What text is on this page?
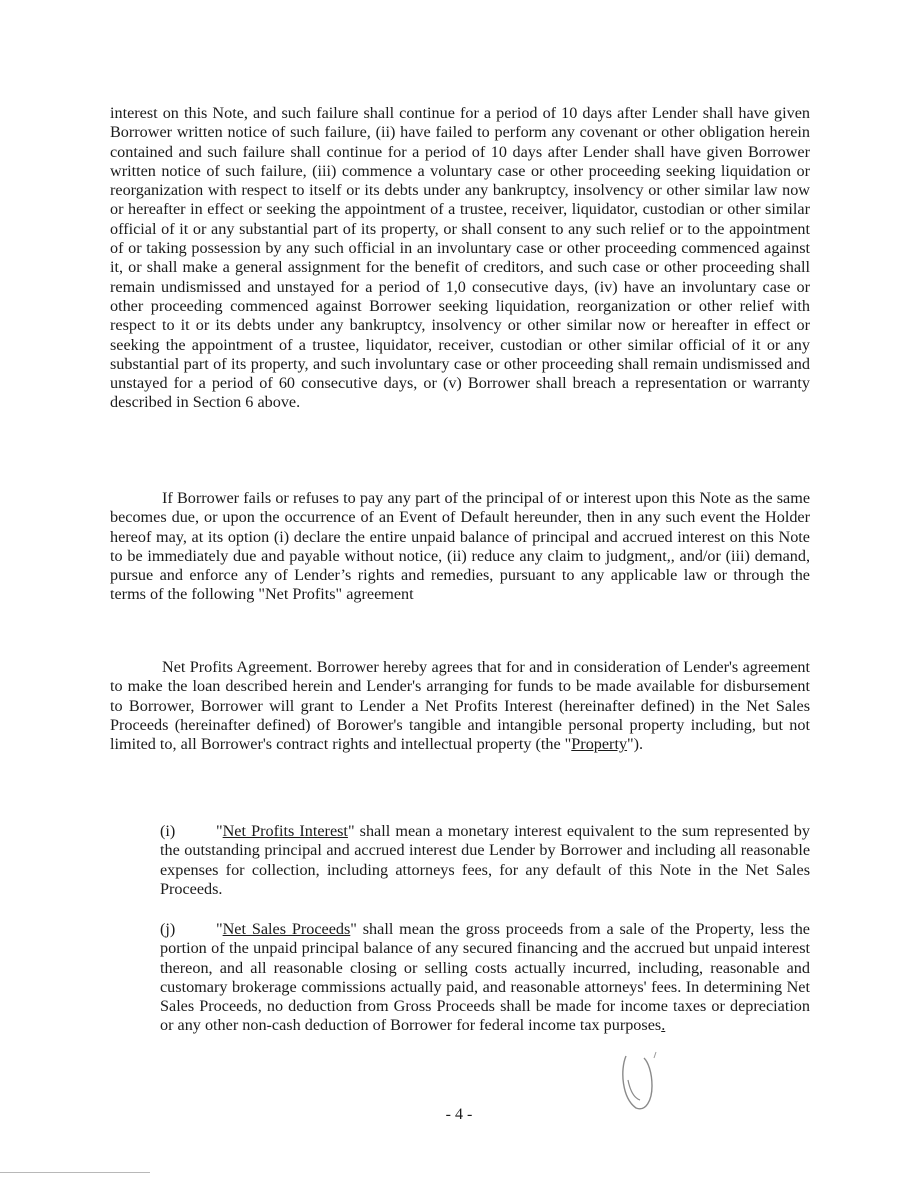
interest on this Note, and such failure shall continue for a period of 10 days after Lender shall have given Borrower written notice of such failure, (ii) have failed to perform any covenant or other obligation herein contained and such failure shall continue for a period of 10 days after Lender shall have given Borrower written notice of such failure, (iii) commence a voluntary case or other proceeding seeking liquidation or reorganization with respect to itself or its debts under any bankruptcy, insolvency or other similar law now or hereafter in effect or seeking the appointment of a trustee, receiver, liquidator, custodian or other similar official of it or any substantial part of its property, or shall consent to any such relief or to the appointment of or taking possession by any such official in an involuntary case or other proceeding commenced against it, or shall make a general assignment for the benefit of creditors, and such case or other proceeding shall remain undismissed and unstayed for a period of 1,0 consecutive days, (iv) have an involuntary case or other proceeding commenced against Borrower seeking liquidation, reorganization or other relief with respect to it or its debts under any bankruptcy, insolvency or other similar now or hereafter in effect or seeking the appointment of a trustee, liquidator, receiver, custodian or other similar official of it or any substantial part of its property, and such involuntary case or other proceeding shall remain undismissed and unstayed for a period of 60 consecutive days, or (v) Borrower shall breach a representation or warranty described in Section 6 above.

If Borrower fails or refuses to pay any part of the principal of or interest upon this Note as the same becomes due, or upon the occurrence of an Event of Default hereunder, then in any such event the Holder hereof may, at its option (i) declare the entire unpaid balance of principal and accrued interest on this Note to be immediately due and payable without notice, (ii) reduce any claim to judgment,, and/or (iii) demand, pursue and enforce any of Lender’s rights and remedies, pursuant to any applicable law or through the terms of the following "Net Profits" agreement

Net Profits Agreement. Borrower hereby agrees that for and in consideration of Lender's agreement to make the loan described herein and Lender's arranging for funds to be made available for disbursement to Borrower, Borrower will grant to Lender a Net Profits Interest (hereinafter defined) in the Net Sales Proceeds (hereinafter defined) of Borower's tangible and intangible personal property including, but not limited to, all Borrower's contract rights and intellectual property (the "Property").

(i)	"Net Profits Interest" shall mean a monetary interest equivalent to the sum represented by the outstanding principal and accrued interest due Lender by Borrower and including all reasonable expenses for collection, including attorneys fees, for any default of this Note in the Net Sales Proceeds.

(j)	"Net Sales Proceeds" shall mean the gross proceeds from a sale of the Property, less the portion of the unpaid principal balance of any secured financing and the accrued but unpaid interest thereon, and all reasonable closing or selling costs actually incurred, including, reasonable and customary brokerage commissions actually paid, and reasonable attorneys' fees. In determining Net Sales Proceeds, no deduction from Gross Proceeds shall be made for income taxes or depreciation or any other non-cash deduction of Borrower for federal income tax purposes.

- 4 -
